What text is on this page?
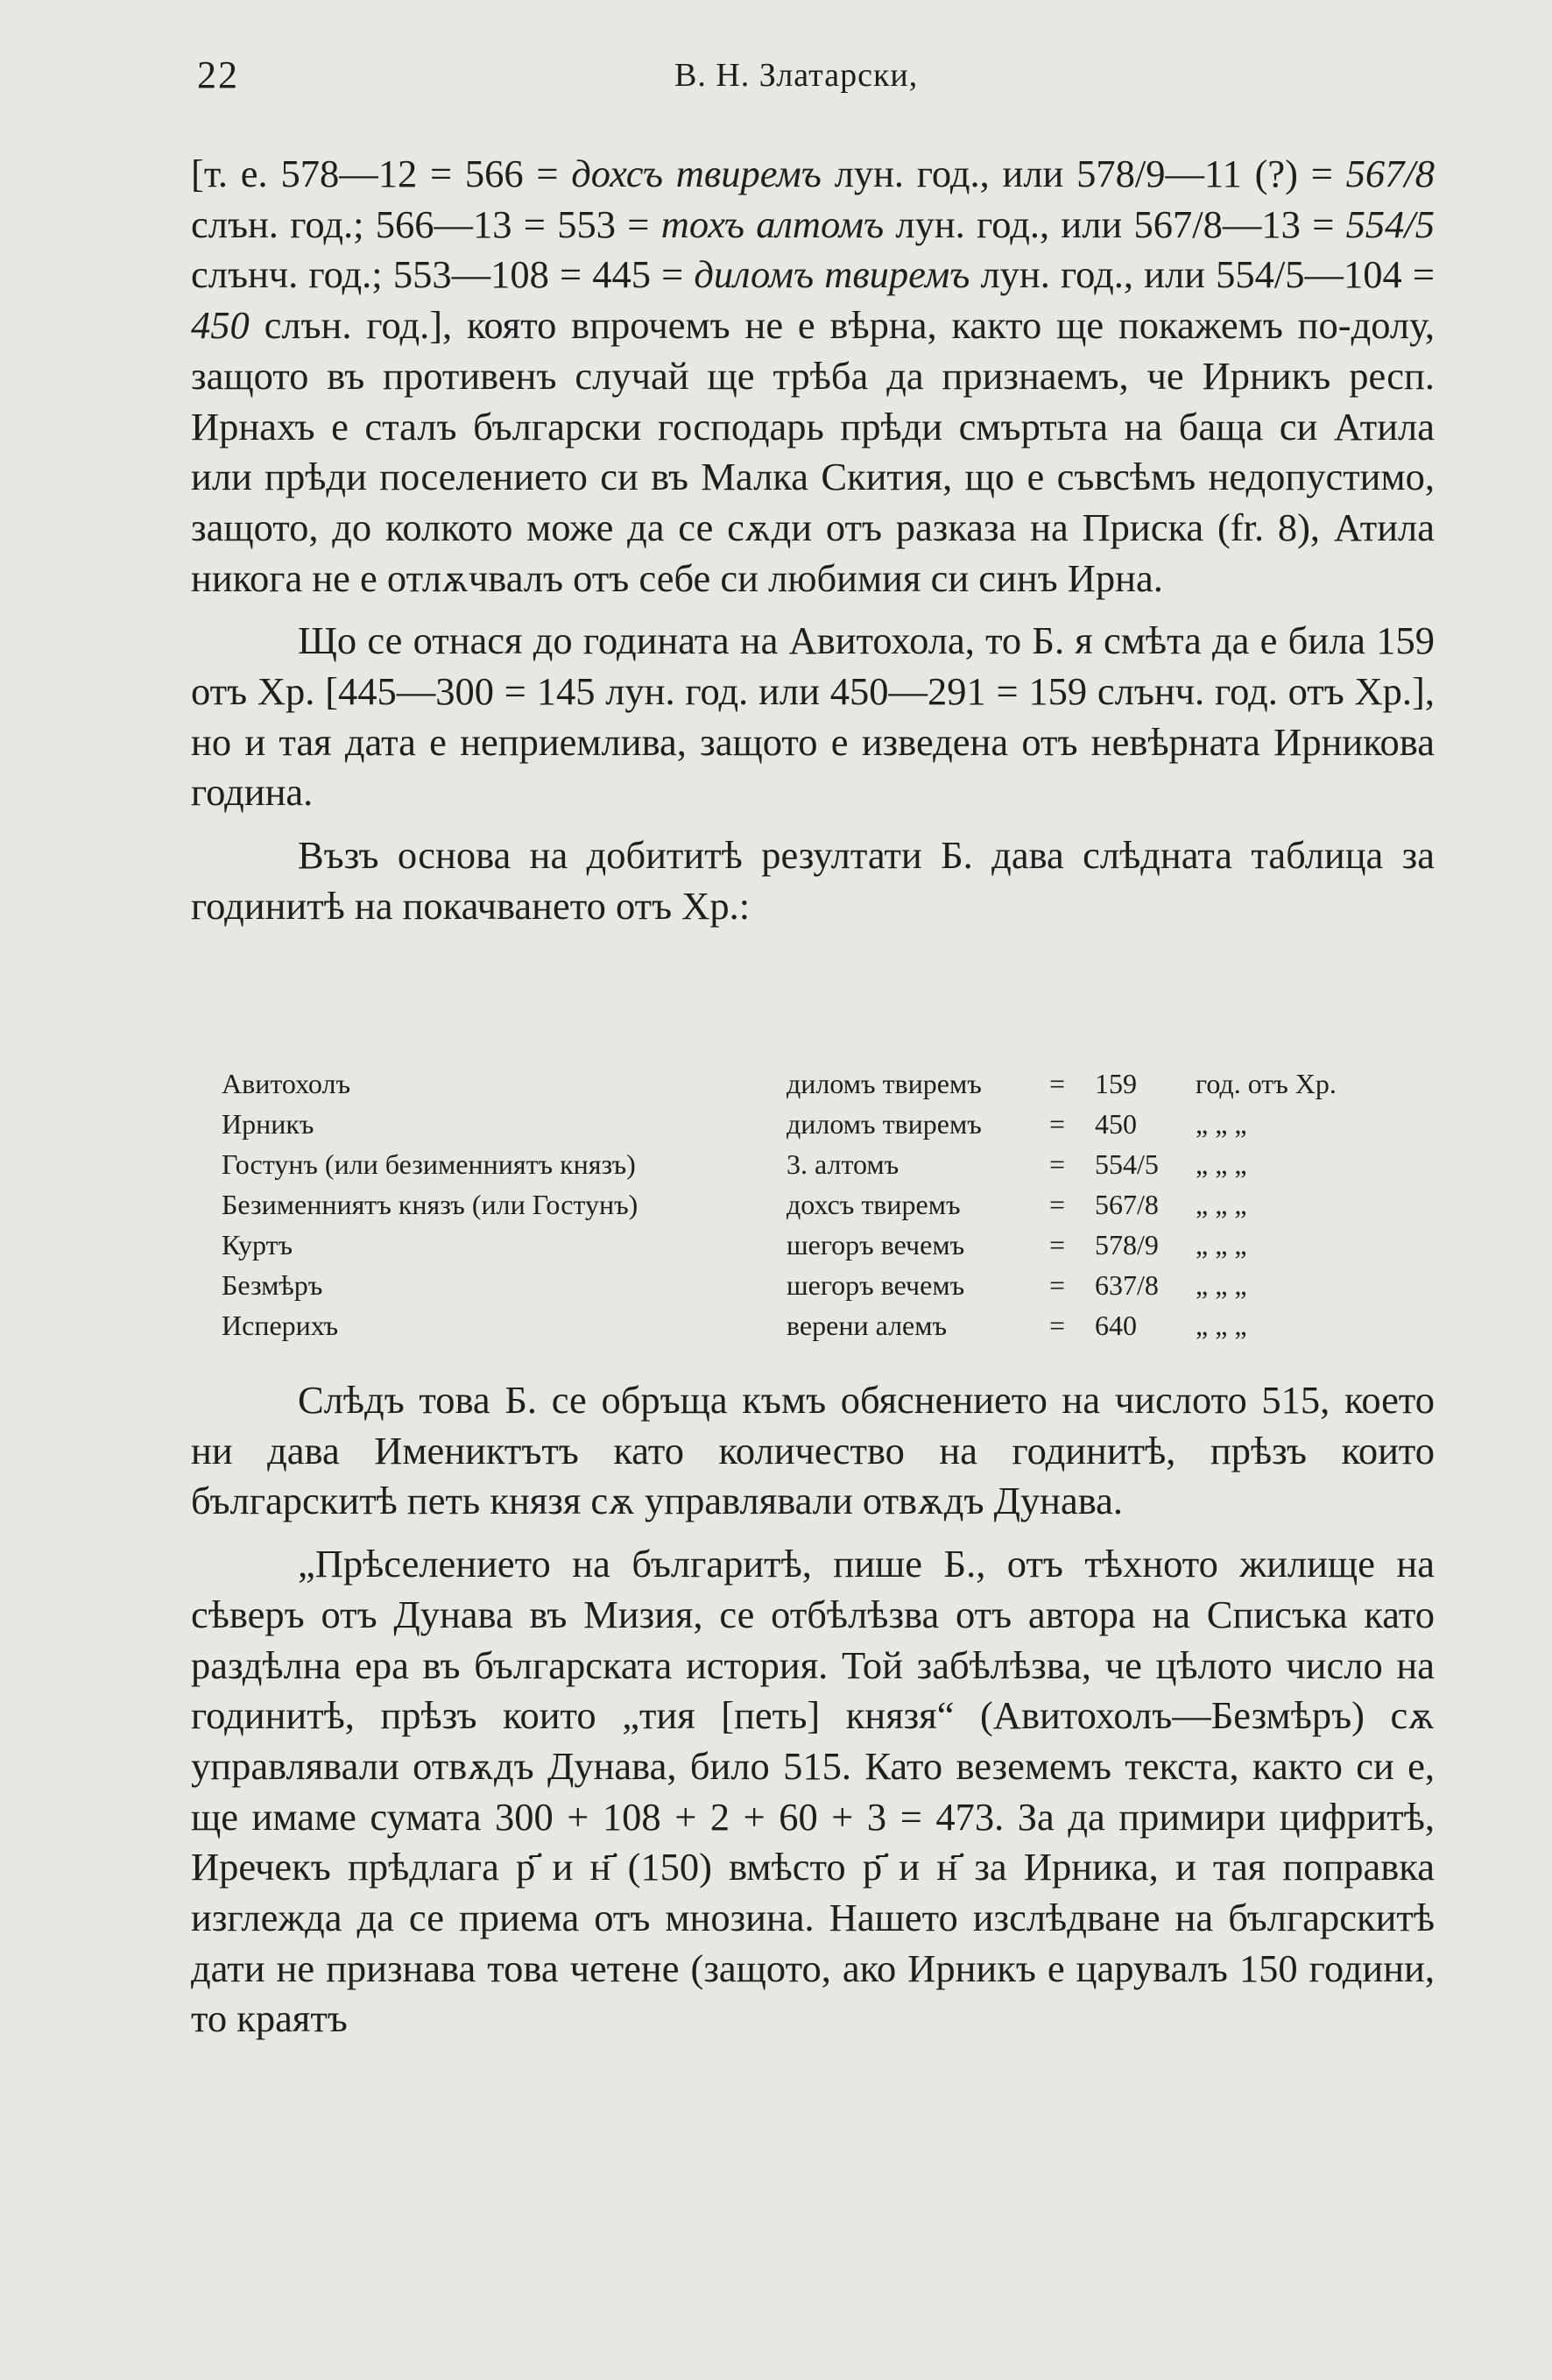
22	В. Н. Златарски,

[т. е. 578—12 = 566 = дохсъ твиремъ лун. год., или 578/9—11 (?) = 567/8 слън. год.; 566—13 = 553 = тохъ алтомъ лун. год., или 567/8—13 = 554/5 слънч. год.; 553—108 = 445 = диломъ твиремъ лун. год., или 554/5—104 = 450 слън. год.], която впрочемъ не е вѣрна, както ще покажемъ по-долу, защото въ противенъ случай ще трѣба да признаемъ, че Ирникъ респ. Ирнахъ е сталъ български господарь прѣди смъртьта на баща си Атила или прѣди поселението си въ Малка Скития, що е съвсѣмъ недопустимо, защото, до колкото може да се сѫди отъ разказа на Приска (fr. 8), Атила никога не е отлѫчвалъ отъ себе си любимия си синъ Ирна.

Що се отнася до годината на Авитохола, то Б. я смѣта да е била 159 отъ Хр. [445—300 = 145 лун. год. или 450—291 = 159 слънч. год. отъ Хр.], но и тая дата е неприемлива, защото е изведена отъ невѣрната Ирникова година.

Възъ основа на добититѣ резултати Б. дава слѣдната таблица за годинитѣ на покачването отъ Хр.:

Авитохолъ	диломъ твиремъ	=	159	год. отъ Хр.
Ирникъ	диломъ твиремъ	=	450	„ „ „
Гостунъ (или безименниятъ князъ)	3. алтомъ	=	554/5	„ „ „
Безименниятъ князъ (или Гостунъ)	дохсъ твиремъ	=	567/8	„ „ „
Куртъ	шегоръ вечемъ	=	578/9	„ „ „
Безмѣръ	шегоръ вечемъ	=	637/8	„ „ „
Исперихъ	верени алемъ	=	640	„ „ „

Слѣдъ това Б. се обръща къмъ обяснението на числото 515, което ни дава Имениктътъ като количество на годинитѣ, прѣзъ които българскитѣ петь князя сѫ управлявали отвѫдъ Дунава.

„Прѣселението на българитѣ, пише Б., отъ тѣхното жилище на сѣверъ отъ Дунава въ Мизия, се отбѣлѣзва отъ автора на Списъка като раздѣлна ера въ българската история. Той забѣлѣзва, че цѣлото число на годинитѣ, прѣзъ които „тия [петь] князя“ (Авитохолъ—Безмѣръ) сѫ управлявали отвѫдъ Дунава, било 515. Като веземемъ текста, както си е, ще имаме сумата 300 + 108 + 2 + 60 + 3 = 473. За да примири цифритѣ, Иречекъ прѣдлага р҃ и н҃ (150) вмѣсто р҃ и н҃ за Ирника, и тая поправка изглежда да се приема отъ мнозина. Нашето изслѣдване на българскитѣ дати не признава това четене (защото, ако Ирникъ е царувалъ 150 години, то краятъ
